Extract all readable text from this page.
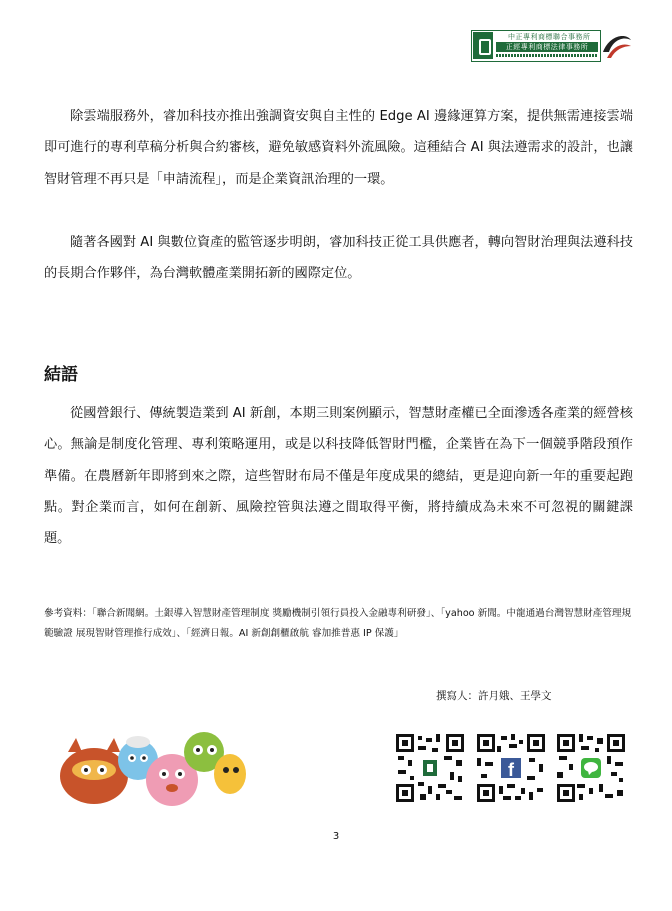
中正專利商標聯合事務所
正經專利商標法律事務所

除雲端服務外，睿加科技亦推出強調資安與自主性的 Edge AI 邊緣運算方案，提供無需連接雲端即可進行的專利草稿分析與合約審核，避免敏感資料外流風險。這種結合 AI 與法遵需求的設計，也讓智財管理不再只是「申請流程」，而是企業資訊治理的一環。

隨著各國對 AI 與數位資產的監管逐步明朗，睿加科技正從工具供應者，轉向智財治理與法遵科技的長期合作夥伴，為台灣軟體產業開拓新的國際定位。

結語

從國營銀行、傳統製造業到 AI 新創，本期三則案例顯示，智慧財產權已全面滲透各產業的經營核心。無論是制度化管理、專利策略運用，或是以科技降低智財門檻，企業皆在為下一個競爭階段預作準備。在農曆新年即將到來之際，這些智財布局不僅是年度成果的總結，更是迎向新一年的重要起跑點。對企業而言，如何在創新、風險控管與法遵之間取得平衡，將持續成為未來不可忽視的關鍵課題。

參考資料：「聯合新聞網。土銀導入智慧財產管理制度 獎勵機制引領行員投入金融專利研發」、「yahoo 新聞。中龍通過台灣智慧財產管理規範驗證 展現智財管理推行成效」、「經濟日報。AI 新創創櫃啟航 睿加推普惠 IP 保護」

撰寫人：許月娥、王學文
f
3
